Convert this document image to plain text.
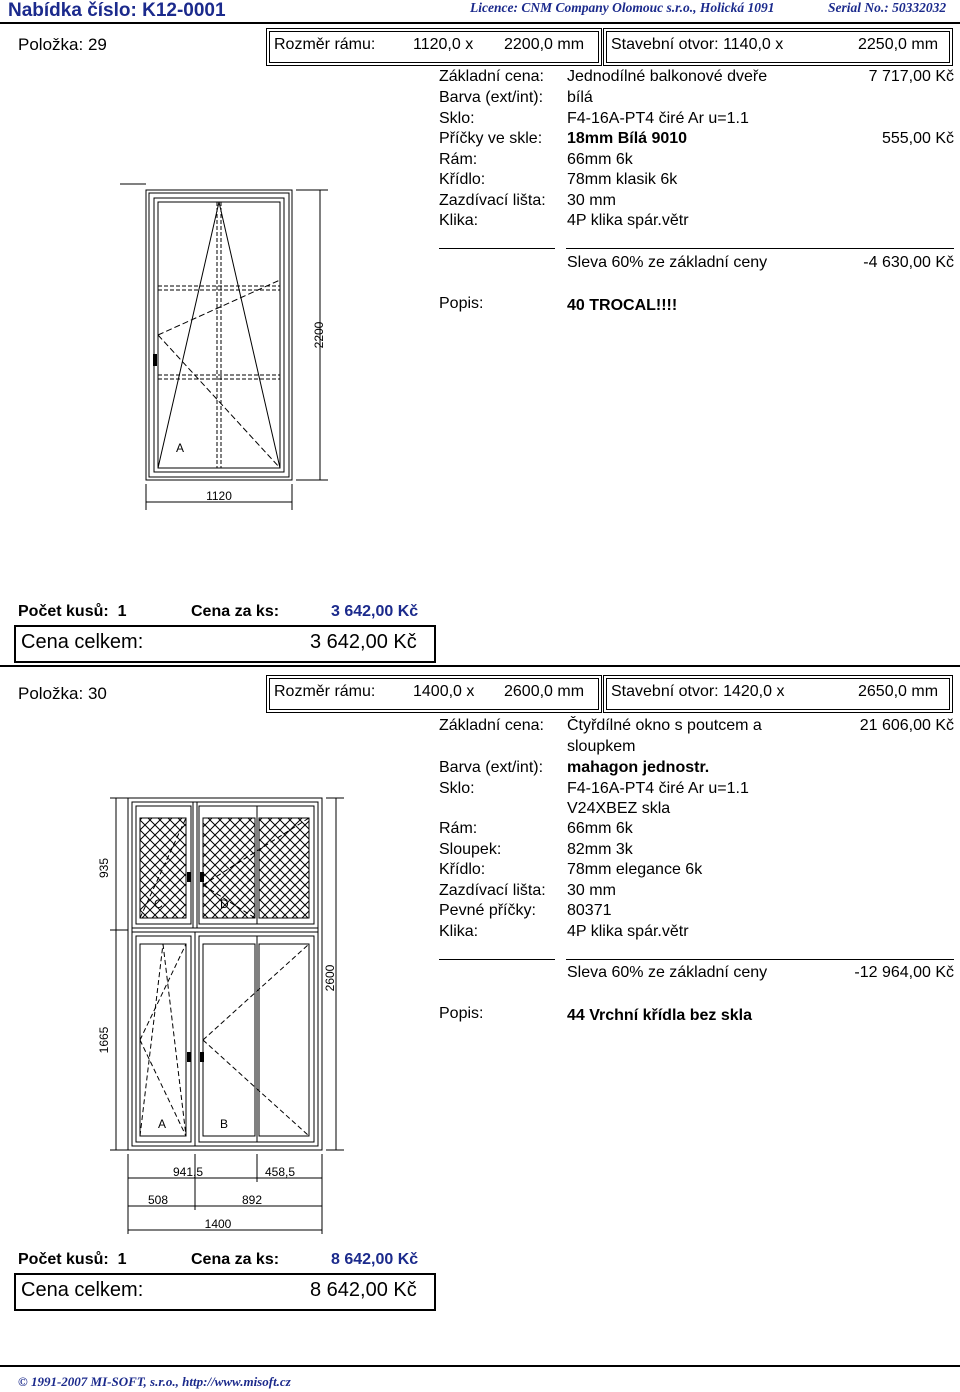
Nabídka číslo: K12-0001	Licence: CNM Company Olomouc s.r.o., Holická 1091	Serial No.: 50332032
Položka: 29	Rozměr rámu: 1120,0 x 2200,0 mm Stavební otvor: 1140,0 x	2250,0 mm
Základní cena: Jednodílné balkonové dveře	7 717,00 Kč
Barva (ext/int): bílá
Sklo:	F4-16A-PT4 čiré Ar u=1.1
Příčky ve skle: 18mm Bílá 9010	555,00 Kč
Rám:	66mm 6k
Křídlo:	78mm klasik 6k
Zazdívací lišta: 30 mm
Klika:	4P klika spár.větr
Sleva 60% ze základní ceny	-4 630,00 Kč
Popis:	40 TROCAL!!!!
A
2200
1120
Počet kusů: 1	Cena za ks:	3 642,00 Kč
Cena celkem:	3 642,00 Kč
Položka: 30	Rozměr rámu: 1400,0 x 2600,0 mm Stavební otvor: 1420,0 x	2650,0 mm
Základní cena: Čtyřdílné okno s poutcem a
sloupkem
21 606,00 Kč
Barva (ext/int): mahagon jednostr.
Sklo:	F4-16A-PT4 čiré Ar u=1.1
V24XBEZ skla
Rám:	66mm 6k
Sloupek:	82mm 3k
Křídlo:	78mm elegance 6k
Zazdívací lišta: 30 mm
Pevné příčky: 80371
Klika:	4P klika spár.větr
Sleva 60% ze základní ceny	-12 964,00 Kč
Popis:	44 Vrchní křídla bez skla
C	D
A	B
935
1665
2600
941,5	458,5
508	892
1400
Počet kusů: 1	Cena za ks:	8 642,00 Kč
Cena celkem:	8 642,00 Kč
© 1991-2007 MI-SOFT, s.r.o., http://www.misoft.cz
